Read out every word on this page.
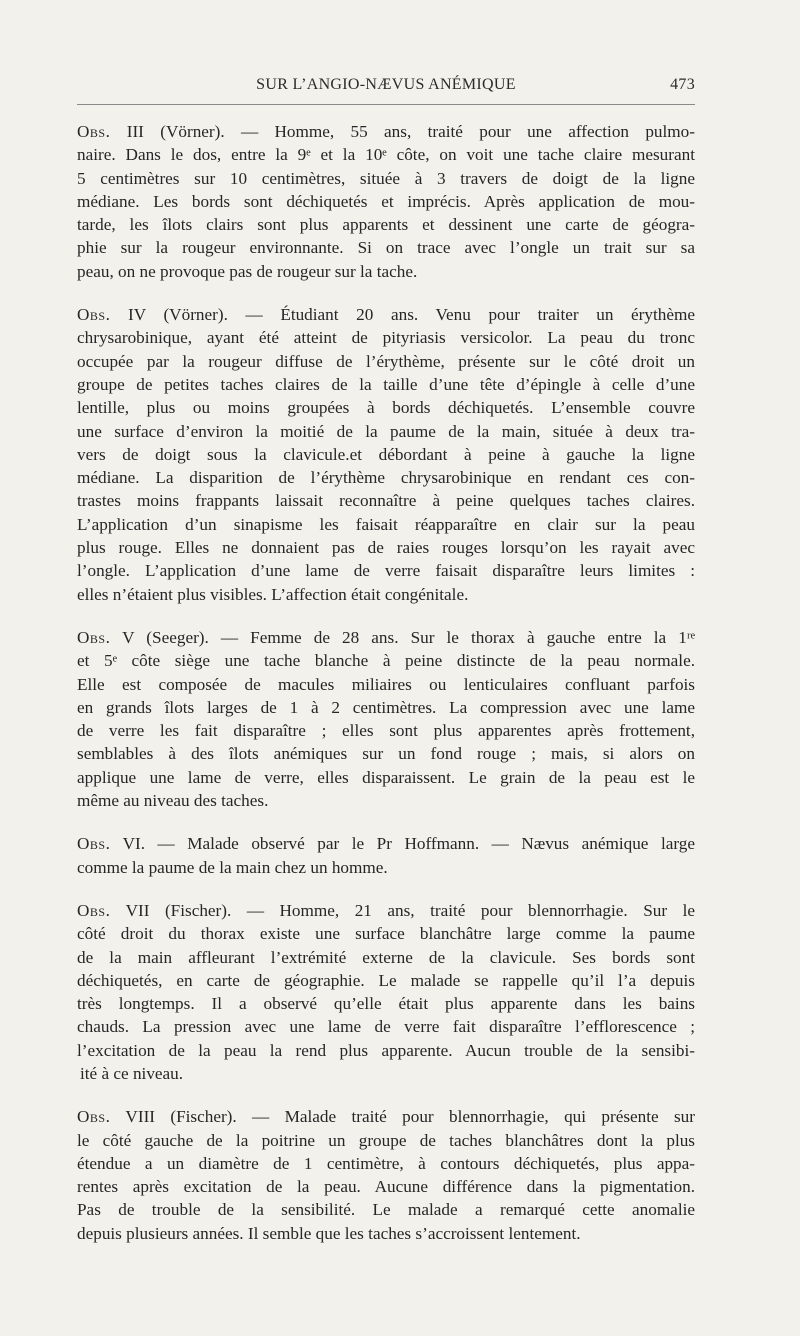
SUR L’ANGIO-NÆVUS ANÉMIQUE	473
Obs. III (Vörner). — Homme, 55 ans, traité pour une affection pulmo-
naire. Dans le dos, entre la 9ᵉ et la 10ᵉ côte, on voit une tache claire mesurant
5 centimètres sur 10 centimètres, située à 3 travers de doigt de la ligne
médiane. Les bords sont déchiquetés et imprécis. Après application de mou-
tarde, les îlots clairs sont plus apparents et dessinent une carte de géogra-
phie sur la rougeur environnante. Si on trace avec l’ongle un trait sur sa
peau, on ne provoque pas de rougeur sur la tache.
Obs. IV (Vörner). — Étudiant 20 ans. Venu pour traiter un érythème
chrysarobinique, ayant été atteint de pityriasis versicolor. La peau du tronc
occupée par la rougeur diffuse de l’érythème, présente sur le côté droit un
groupe de petites taches claires de la taille d’une tête d’épingle à celle d’une
lentille, plus ou moins groupées à bords déchiquetés. L’ensemble couvre
une surface d’environ la moitié de la paume de la main, située à deux tra-
vers de doigt sous la clavicule.et débordant à peine à gauche la ligne
médiane. La disparition de l’érythème chrysarobinique en rendant ces con-
trastes moins frappants laissait reconnaître à peine quelques taches claires.
L’application d’un sinapisme les faisait réapparaître en clair sur la peau
plus rouge. Elles ne donnaient pas de raies rouges lorsqu’on les rayait avec
l’ongle. L’application d’une lame de verre faisait disparaître leurs limites :
elles n’étaient plus visibles. L’affection était congénitale.
Obs. V (Seeger). — Femme de 28 ans. Sur le thorax à gauche entre la 1ʳᵉ
et 5ᵉ côte siège une tache blanche à peine distincte de la peau normale.
Elle est composée de macules miliaires ou lenticulaires confluant parfois
en grands îlots larges de 1 à 2 centimètres. La compression avec une lame
de verre les fait disparaître ; elles sont plus apparentes après frottement,
semblables à des îlots anémiques sur un fond rouge ; mais, si alors on
applique une lame de verre, elles disparaissent. Le grain de la peau est le
même au niveau des taches.
Obs. VI. — Malade observé par le Pr Hoffmann. — Nævus anémique large
comme la paume de la main chez un homme.
Obs. VII (Fischer). — Homme, 21 ans, traité pour blennorrhagie. Sur le
côté droit du thorax existe une surface blanchâtre large comme la paume
de la main affleurant l’extrémité externe de la clavicule. Ses bords sont
déchiquetés, en carte de géographie. Le malade se rappelle qu’il l’a depuis
très longtemps. Il a observé qu’elle était plus apparente dans les bains
chauds. La pression avec une lame de verre fait disparaître l’efflorescence ;
l’excitation de la peau la rend plus apparente. Aucun trouble de la sensibi-
ité à ce niveau.
Obs. VIII (Fischer). — Malade traité pour blennorrhagie, qui présente sur
le côté gauche de la poitrine un groupe de taches blanchâtres dont la plus
étendue a un diamètre de 1 centimètre, à contours déchiquetés, plus appa-
rentes après excitation de la peau. Aucune différence dans la pigmentation.
Pas de trouble de la sensibilité. Le malade a remarqué cette anomalie
depuis plusieurs années. Il semble que les taches s’accroissent lentement.
